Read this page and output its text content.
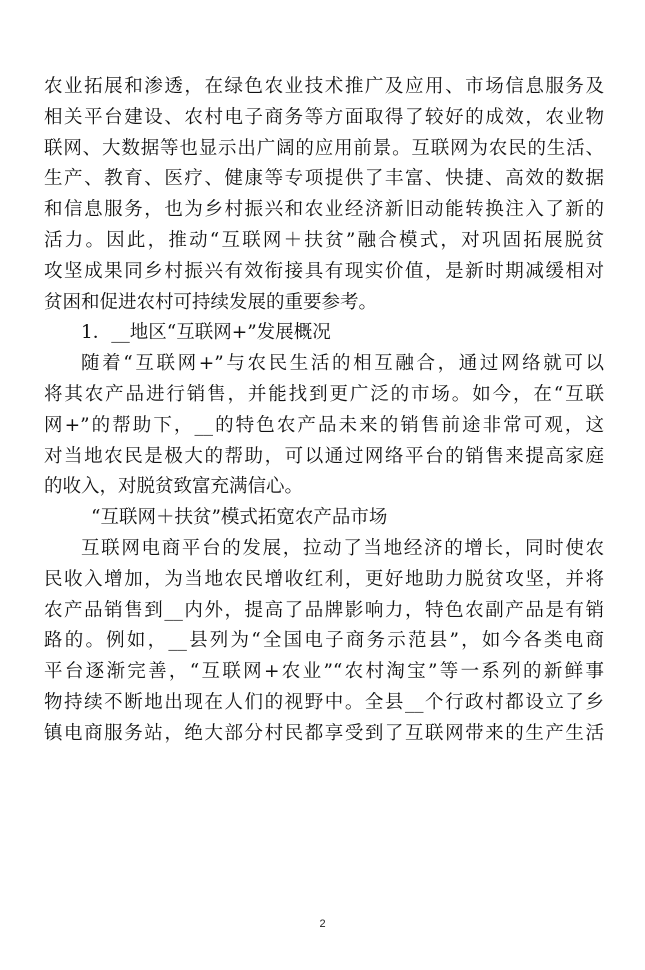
农业拓展和渗透，在绿色农业技术推广及应用、市场信息服务及
相关平台建设、农村电子商务等方面取得了较好的成效，农业物
联网、大数据等也显示出广阔的应用前景。互联网为农民的生活、
生产、教育、医疗、健康等专项提供了丰富、快捷、高效的数据
和信息服务，也为乡村振兴和农业经济新旧动能转换注入了新的
活力。因此，推动“互联网＋扶贫”融合模式，对巩固拓展脱贫
攻坚成果同乡村振兴有效衔接具有现实价值，是新时期减缓相对
贫困和促进农村可持续发展的重要参考。
1．__地区“互联网+”发展概况
随着“互联网+”与农民生活的相互融合，通过网络就可以
将其农产品进行销售，并能找到更广泛的市场。如今，在“互联
网+”的帮助下，__的特色农产品未来的销售前途非常可观，这
对当地农民是极大的帮助，可以通过网络平台的销售来提高家庭
的收入，对脱贫致富充满信心。
“互联网＋扶贫”模式拓宽农产品市场
互联网电商平台的发展，拉动了当地经济的增长，同时使农
民收入增加，为当地农民增收红利，更好地助力脱贫攻坚，并将
农产品销售到__内外，提高了品牌影响力，特色农副产品是有销
路的。例如，__县列为“全国电子商务示范县”，如今各类电商
平台逐渐完善，“互联网+农业”“农村淘宝”等一系列的新鲜事
物持续不断地出现在人们的视野中。全县__个行政村都设立了乡
镇电商服务站，绝大部分村民都享受到了互联网带来的生产生活
2
